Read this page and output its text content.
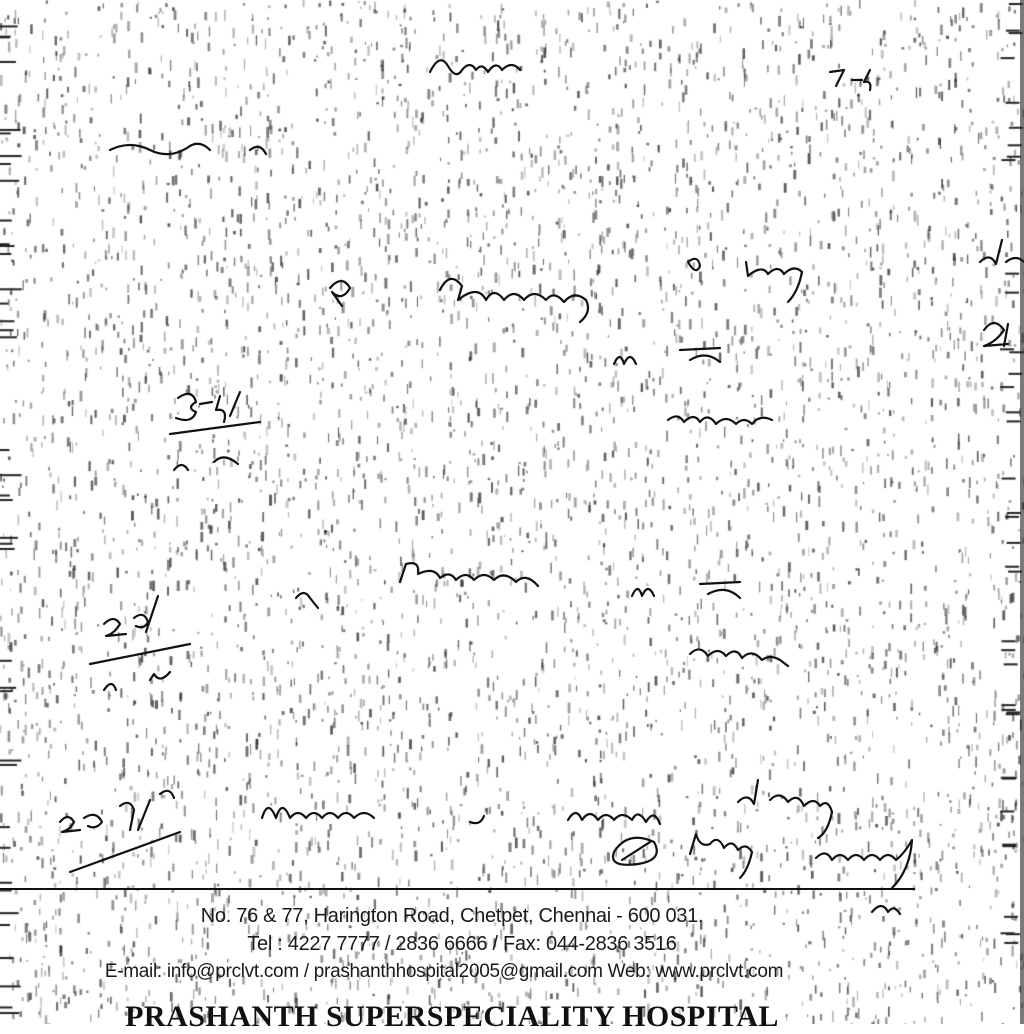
No. 76 & 77, Harington Road, Chetpet, Chennai - 600 031.
Tel : 4227 7777 / 2836 6666 / Fax: 044-2836 3516
E-mail: info@prclvt.com / prashanthhospital2005@gmail.com Web: www.prclvt.com
PRASHANTH SUPERSPECIALITY HOSPITAL
